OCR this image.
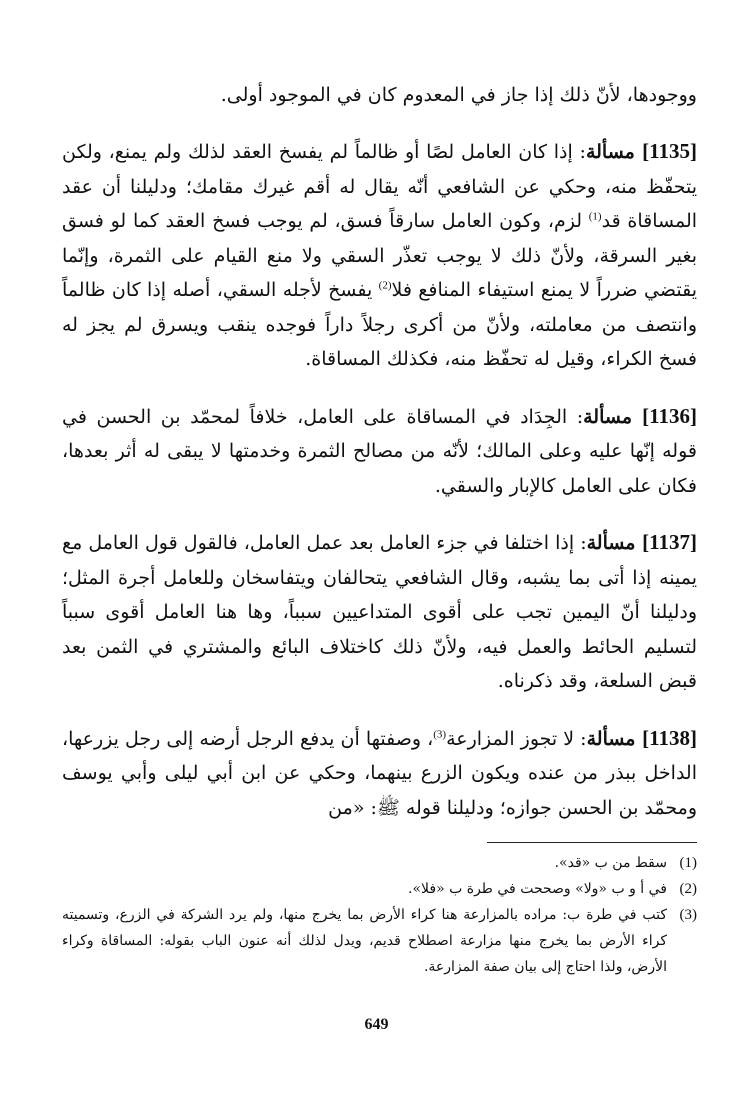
ووجودها، لأنّ ذلك إذا جاز في المعدوم كان في الموجود أولى.

[1135] مسألة: إذا كان العامل لصًا أو ظالماً لم يفسخ العقد لذلك ولم يمنع، ولكن يتحفّظ منه، وحكي عن الشافعي أنّه يقال له أقم غيرك مقامك؛ ودليلنا أن عقد المساقاة قد$^{(1)}$ لزم، وكون العامل سارقاً فسق، لم يوجب فسخ العقد كما لو فسق بغير السرقة، ولأنّ ذلك لا يوجب تعذّر السقي ولا منع القيام على الثمرة، وإنّما يقتضي ضرراً لا يمنع استيفاء المنافع فلا$^{(2)}$ يفسخ لأجله السقي، أصله إذا كان ظالماً وانتصف من معاملته، ولأنّ من أكرى رجلاً داراً فوجده ينقب ويسرق لم يجز له فسخ الكراء، وقيل له تحفّظ منه، فكذلك المساقاة.

[1136] مسألة: الجِدَاد في المساقاة على العامل، خلافاً لمحمّد بن الحسن في قوله إنّها عليه وعلى المالك؛ لأنّه من مصالح الثمرة وخدمتها لا يبقى له أثر بعدها، فكان على العامل كالإبار والسقي.

[1137] مسألة: إذا اختلفا في جزء العامل بعد عمل العامل، فالقول قول العامل مع يمينه إذا أتى بما يشبه، وقال الشافعي يتحالفان ويتفاسخان وللعامل أجرة المثل؛ ودليلنا أنّ اليمين تجب على أقوى المتداعيين سبباً، وها هنا العامل أقوى سبباً لتسليم الحائط والعمل فيه، ولأنّ ذلك كاختلاف البائع والمشتري في الثمن بعد قبض السلعة، وقد ذكرناه.

[1138] مسألة: لا تجوز المزارعة$^{(3)}$، وصفتها أن يدفع الرجل أرضه إلى رجل يزرعها، الداخل ببذر من عنده ويكون الزرع بينهما، وحكي عن ابن أبي ليلى وأبي يوسف ومحمّد بن الحسن جوازه؛ ودليلنا قوله ﷺ: «من

(1)
سقط من ب «قد».
(2)
في أ و ب «ولا» وصححت في طرة ب «فلا».
(3)
كتب في طرة ب: مراده بالمزارعة هنا كراء الأرض بما يخرج منها، ولم يرد الشركة في الزرع، وتسميته كراء الأرض بما يخرج منها مزارعة اصطلاح قديم، ويدل لذلك أنه عنون الباب بقوله: المساقاة وكراء الأرض، ولذا احتاج إلى بيان صفة المزارعة.
649
